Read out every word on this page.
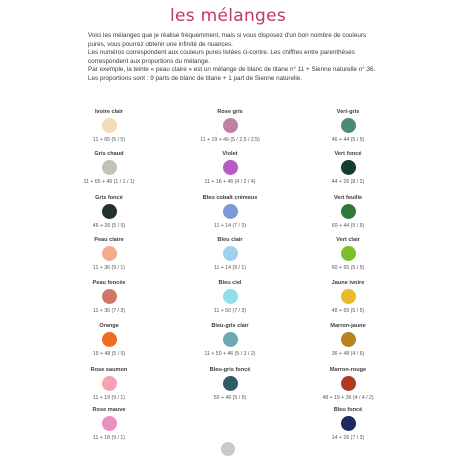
les mélanges

Voici les mélanges que je réalise fréquemment, mais si vous disposez d'un bon nombre de couleurs pures, vous pourrez obtenir une infinité de nuances.

Les numéros correspondent aux couleurs pures listées ci-contre. Les chiffres entre parenthèses correspondent aux proportions du mélange.

Par exemple, la teinte « peau claire » est un mélange de blanc de titane n° 11 + Sienne naturelle n° 36. Les proportions sont : 9 parts de blanc de titane + 1 part de Sienne naturelle.

Ivoire clair
11 + 65 (5 / 5)
Gris chaud
11 + 65 + 46 (1 / 1 / 1)
Gris foncé
46 + 26 (5 / 5)
Peau claire
11 + 36 (9 / 1)
Peau foncée
11 + 36 (7 / 3)
Orange
19 + 48 (5 / 5)
Rose saumon
11 + 19 (9 / 1)
Rose mauve
11 + 18 (9 / 1)
Rose gris
11 + 19 + 46 (5 / 2,5 / 2,5)
Violet
11 + 18 + 46 (4 / 2 / 4)
Bleu cobalt crémeux
11 + 14 (7 / 3)
Bleu clair
11 + 14 (9 / 1)
Bleu ciel
11 + 50 (7 / 3)
Bleu-gris clair
11 + 50 + 46 (5 / 3 / 2)
Bleu-gris foncé
50 + 46 (5 / 5)
Vert-gris
46 + 44 (5 / 5)
Vert foncé
44 + 26 (8 / 2)
Vert feuille
60 + 44 (5 / 5)
Vert clair
60 + 65 (5 / 5)
Jaune ivoire
48 + 65 (5 / 5)
Marron-jaune
36 + 48 (4 / 6)
Marron-rouge
48 + 19 + 36 (4 / 4 / 2)
Bleu foncé
14 + 26 (7 / 3)
